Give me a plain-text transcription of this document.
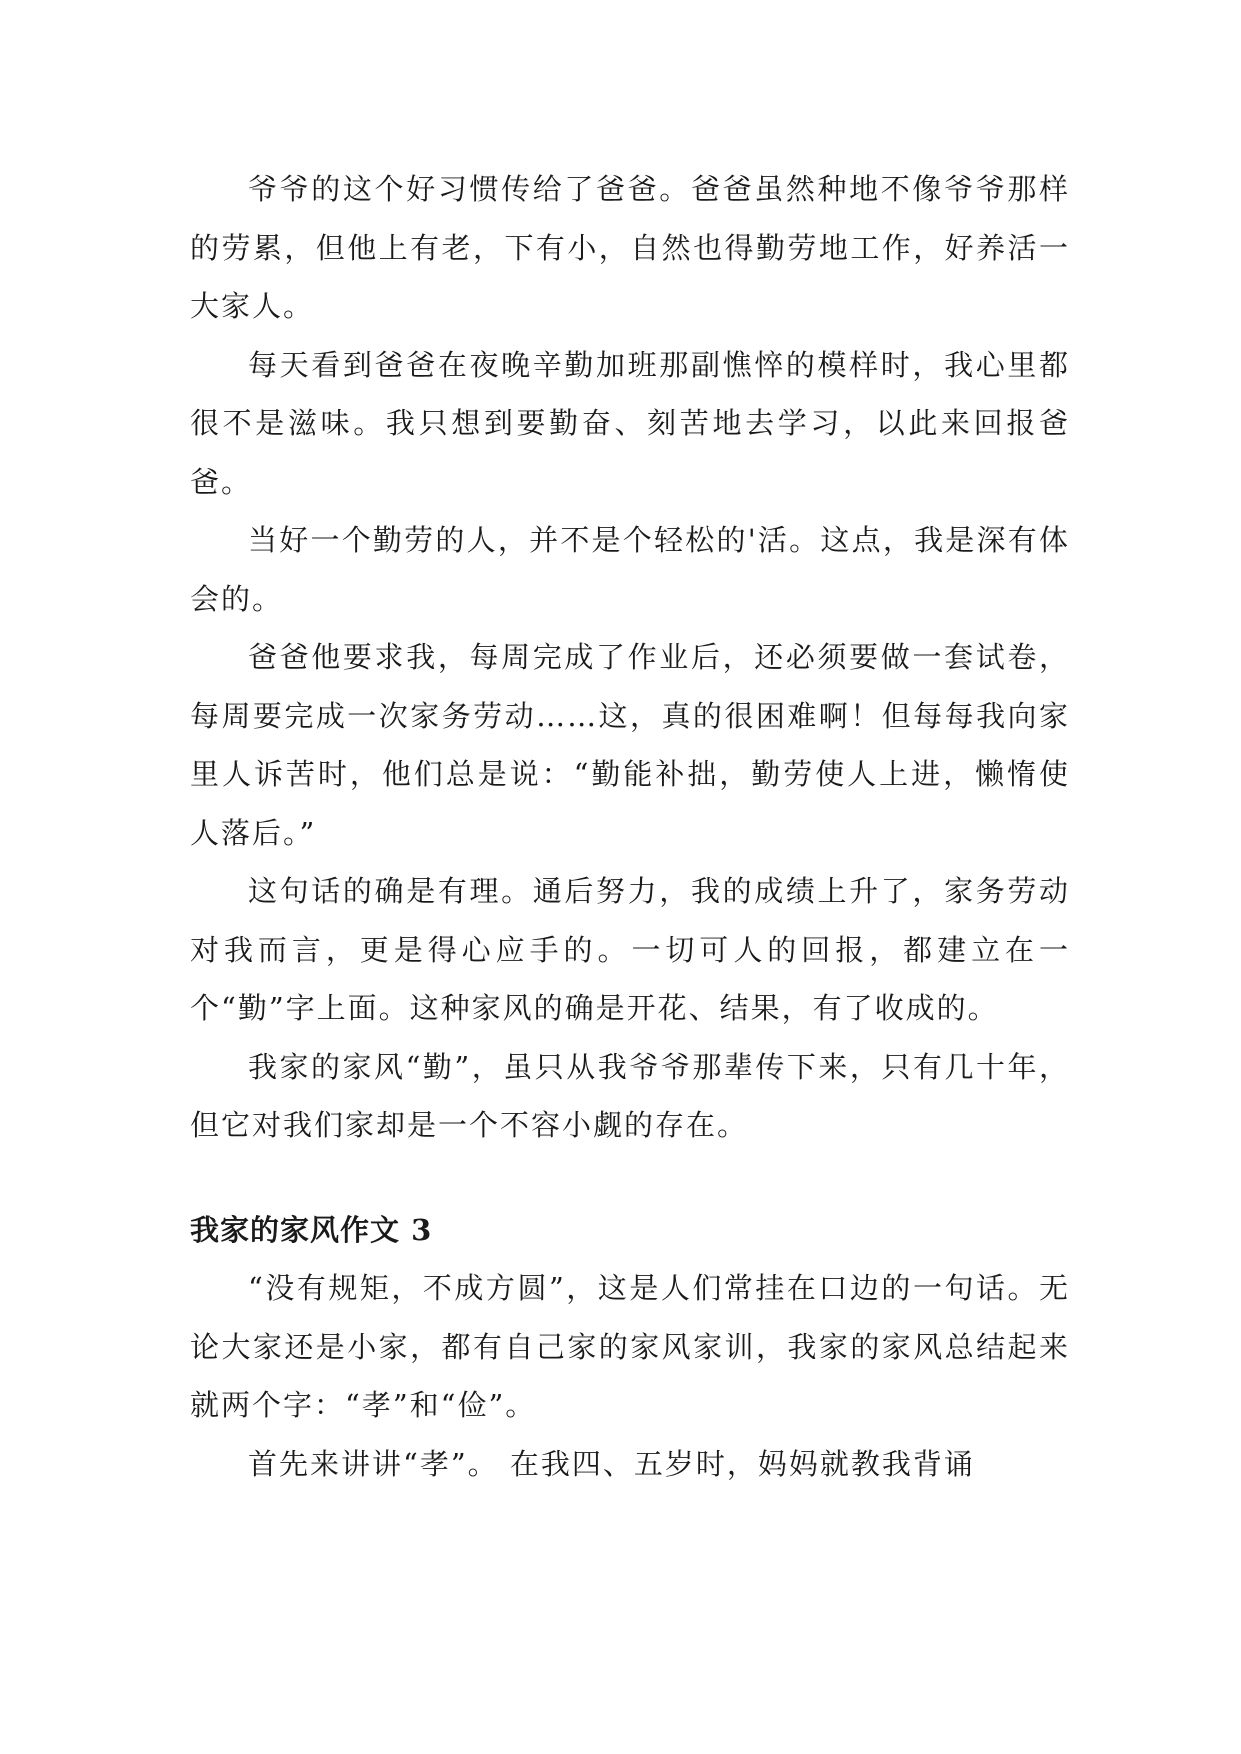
爷爷的这个好习惯传给了爸爸。爸爸虽然种地不像爷爷那样的劳累，但他上有老，下有小，自然也得勤劳地工作，好养活一大家人。

每天看到爸爸在夜晚辛勤加班那副憔悴的模样时，我心里都很不是滋味。我只想到要勤奋、刻苦地去学习，以此来回报爸爸。

当好一个勤劳的人，并不是个轻松的'活。这点，我是深有体会的。

爸爸他要求我，每周完成了作业后，还必须要做一套试卷，每周要完成一次家务劳动……这，真的很困难啊！但每每我向家里人诉苦时，他们总是说：“勤能补拙，勤劳使人上进，懒惰使人落后。”

这句话的确是有理。通后努力，我的成绩上升了，家务劳动对我而言，更是得心应手的。一切可人的回报，都建立在一个“勤”字上面。这种家风的确是开花、结果，有了收成的。

我家的家风“勤”，虽只从我爷爷那辈传下来，只有几十年，但它对我们家却是一个不容小觑的存在。

我家的家风作文 3

“没有规矩，不成方圆”，这是人们常挂在口边的一句话。无论大家还是小家，都有自己家的家风家训，我家的家风总结起来就两个字：“孝”和“俭”。

首先来讲讲“孝”。 在我四、五岁时，妈妈就教我背诵
